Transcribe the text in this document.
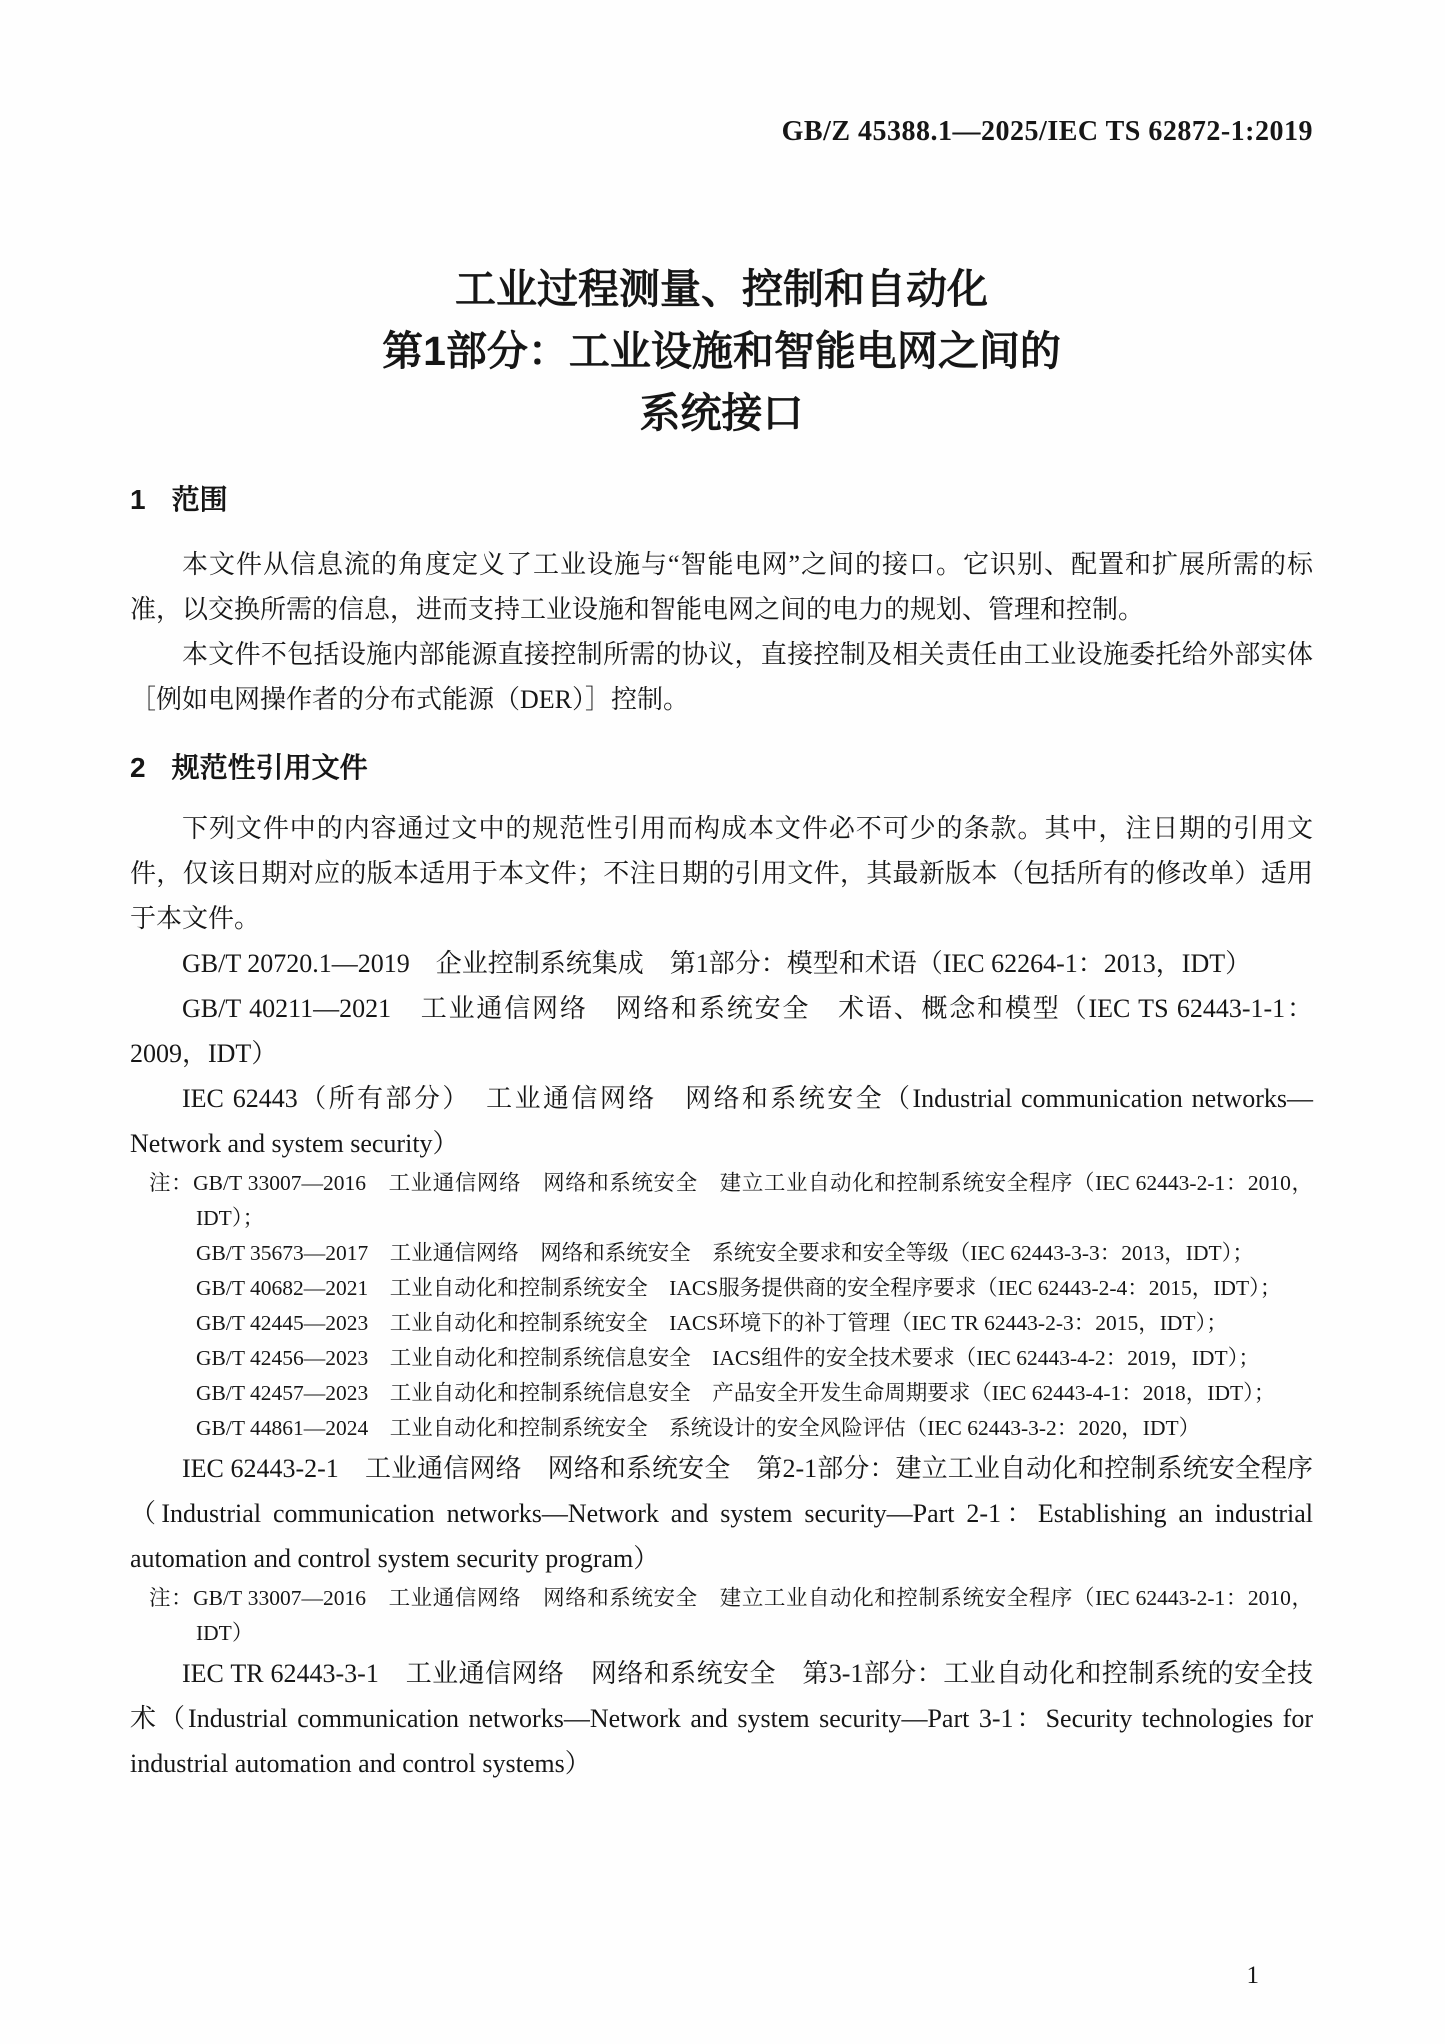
GB/Z 45388.1—2025/IEC TS 62872-1:2019
工业过程测量、控制和自动化
第1部分：工业设施和智能电网之间的
系统接口
1 范围

本文件从信息流的角度定义了工业设施与“智能电网”之间的接口。它识别、配置和扩展所需的标准，以交换所需的信息，进而支持工业设施和智能电网之间的电力的规划、管理和控制。

本文件不包括设施内部能源直接控制所需的协议，直接控制及相关责任由工业设施委托给外部实体［例如电网操作者的分布式能源（DER）］控制。

2 规范性引用文件

下列文件中的内容通过文中的规范性引用而构成本文件必不可少的条款。其中，注日期的引用文件，仅该日期对应的版本适用于本文件；不注日期的引用文件，其最新版本（包括所有的修改单）适用于本文件。

GB/T 20720.1—2019　企业控制系统集成　第1部分：模型和术语（IEC 62264-1：2013，IDT）

GB/T 40211—2021　工业通信网络　网络和系统安全　术语、概念和模型（IEC TS 62443-1-1：2009，IDT）

IEC 62443（所有部分）　工业通信网络　网络和系统安全（Industrial communication networks—Network and system security）

注：GB/T 33007—2016　工业通信网络　网络和系统安全　建立工业自动化和控制系统安全程序（IEC 62443-2-1：2010，IDT）；

GB/T 35673—2017　工业通信网络　网络和系统安全　系统安全要求和安全等级（IEC 62443-3-3：2013，IDT）；

GB/T 40682—2021　工业自动化和控制系统安全　IACS服务提供商的安全程序要求（IEC 62443-2-4：2015，IDT）；

GB/T 42445—2023　工业自动化和控制系统安全　IACS环境下的补丁管理（IEC TR 62443-2-3：2015，IDT）；

GB/T 42456—2023　工业自动化和控制系统信息安全　IACS组件的安全技术要求（IEC 62443-4-2：2019，IDT）；

GB/T 42457—2023　工业自动化和控制系统信息安全　产品安全开发生命周期要求（IEC 62443-4-1：2018，IDT）；

GB/T 44861—2024　工业自动化和控制系统安全　系统设计的安全风险评估（IEC 62443-3-2：2020，IDT）

IEC 62443-2-1　工业通信网络　网络和系统安全　第2-1部分：建立工业自动化和控制系统安全程序（Industrial communication networks—Network and system security—Part 2-1：Establishing an industrial automation and control system security program）

注：GB/T 33007—2016　工业通信网络　网络和系统安全　建立工业自动化和控制系统安全程序（IEC 62443-2-1：2010，IDT）

IEC TR 62443-3-1　工业通信网络　网络和系统安全　第3-1部分：工业自动化和控制系统的安全技术（Industrial communication networks—Network and system security—Part 3-1：Security technologies for industrial automation and control systems）

1
